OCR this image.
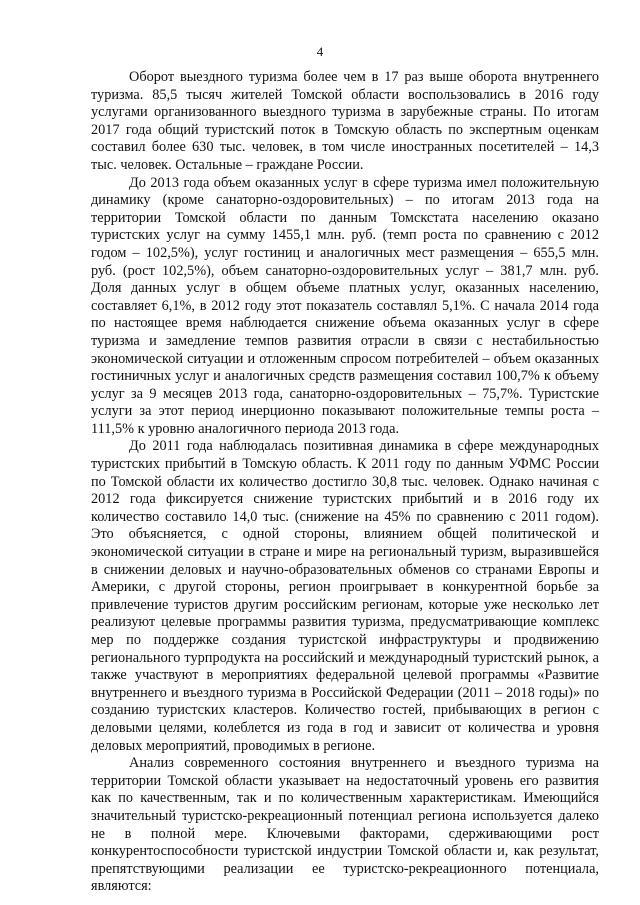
4

Оборот выездного туризма более чем в 17 раз выше оборота внутреннего туризма. 85,5 тысяч жителей Томской области воспользовались в 2016 году услугами организованного выездного туризма в зарубежные страны. По итогам 2017 года общий туристский поток в Томскую область по экспертным оценкам составил более 630 тыс. человек, в том числе иностранных посетителей – 14,3 тыс. человек. Остальные – граждане России.

До 2013 года объем оказанных услуг в сфере туризма имел положительную динамику (кроме санаторно-оздоровительных) – по итогам 2013 года на территории Томской области по данным Томскстата населению оказано туристских услуг на сумму 1455,1 млн. руб. (темп роста по сравнению с 2012 годом – 102,5%), услуг гостиниц и аналогичных мест размещения – 655,5 млн. руб. (рост 102,5%), объем санаторно-оздоровительных услуг – 381,7 млн. руб. Доля данных услуг в общем объеме платных услуг, оказанных населению, составляет 6,1%, в 2012 году этот показатель составлял 5,1%. С начала 2014 года по настоящее время наблюдается снижение объема оказанных услуг в сфере туризма и замедление темпов развития отрасли в связи с нестабильностью экономической ситуации и отложенным спросом потребителей – объем оказанных гостиничных услуг и аналогичных средств размещения составил 100,7% к объему услуг за 9 месяцев 2013 года, санаторно-оздоровительных – 75,7%. Туристские услуги за этот период инерционно показывают положительные темпы роста – 111,5% к уровню аналогичного периода 2013 года.

До 2011 года наблюдалась позитивная динамика в сфере международных туристских прибытий в Томскую область. К 2011 году по данным УФМС России по Томской области их количество достигло 30,8 тыс. человек. Однако начиная с 2012 года фиксируется снижение туристских прибытий и в 2016 году их количество составило 14,0 тыс. (снижение на 45% по сравнению с 2011 годом). Это объясняется, с одной стороны, влиянием общей политической и экономической ситуации в стране и мире на региональный туризм, выразившейся в снижении деловых и научно-образовательных обменов со странами Европы и Америки, с другой стороны, регион проигрывает в конкурентной борьбе за привлечение туристов другим российским регионам, которые уже несколько лет реализуют целевые программы развития туризма, предусматривающие комплекс мер по поддержке создания туристской инфраструктуры и продвижению регионального турпродукта на российский и международный туристский рынок, а также участвуют в мероприятиях федеральной целевой программы «Развитие внутреннего и въездного туризма в Российской Федерации (2011 – 2018 годы)» по созданию туристских кластеров. Количество гостей, прибывающих в регион с деловыми целями, колеблется из года в год и зависит от количества и уровня деловых мероприятий, проводимых в регионе.

Анализ современного состояния внутреннего и въездного туризма на территории Томской области указывает на недостаточный уровень его развития как по качественным, так и по количественным характеристикам. Имеющийся значительный туристско-рекреационный потенциал региона используется далеко не в полной мере. Ключевыми факторами, сдерживающими рост конкурентоспособности туристской индустрии Томской области и, как результат, препятствующими реализации ее туристско-рекреационного потенциала, являются:
